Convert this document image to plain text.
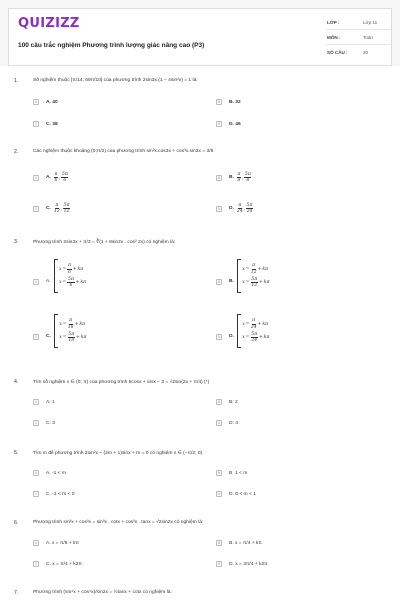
QUIZIZZ
100 câu trắc nghiệm Phương trình lượng giác nâng cao (P3)
LỚP :	Lớp 11
MÔN :	Toán
SỐ CÂU :	20
1.	Số nghiệm thuộc [π/14; 69π/10] của phương trình 2sin3x.(1 − 4sin²x) = 1 là:
A	A. 40	B	B. 32
C	C. 38	D	D. 46
2.	Các nghiệm thuộc khoảng (0;π/2) của phương trình sin³x.cos3x + cos³x.sin3x = 3/8
A	A. $\frac{\pi}{6}$ , $\frac{5\pi}{6}$	B	B. $\frac{\pi}{8}$ , $\frac{5\pi}{8}$
C	C. $\frac{\pi}{12}$ , $\frac{5\pi}{12}$	D	D. $\frac{\pi}{24}$ , $\frac{5\pi}{24}$
3.	Phương trình 2sin3x + π/3 = ∛(1 + 8sin2x . cos² 2x) có nghiệm là:
A	A.
$x = \frac{\pi}{6} + k\pi$
$x = \frac{5\pi}{6} + k\pi$	B	B.
$x = \frac{\pi}{12} + k\pi$
$x = \frac{5\pi}{12} + k\pi$
C	C.
$x = \frac{\pi}{18} + k\pi$
$x = \frac{5\pi}{18} + k\pi$	D	D.
$x = \frac{\pi}{24} + k\pi$
$x = \frac{5\pi}{24} + k\pi$
4.	Tìm số nghiệm x ∈ (0; π) của phương trình 5cosx + sinx − 3 = √2sin(2x + π/4) (*)
A	A: 1	B	B: 2
C	C: 3	D	D: 4
5.	Tìm m để phương trình 2sin²x − (2m + 1)sinx + m = 0 có nghiệm x ∈ (−π/2; 0).
A	A. -1 < m	B	B. 1 < m
C	C. -1 < m < 0	D	D. 0 < m < 1
6.	Phương trình sin³x + cos³x = sin³x . cotx + cos³x . tanx = √2sin2x có nghiệm là:
A	A. x = π/8 + kπ	B	B. x = π/4 + kπ
C	C. x = π/4 + k2π	D	D. x = 3π/4 + k2π
7.	Phương trình (sin⁴x + cos⁴x)/sin2x = ½tanx + cotx có nghiệm là:
